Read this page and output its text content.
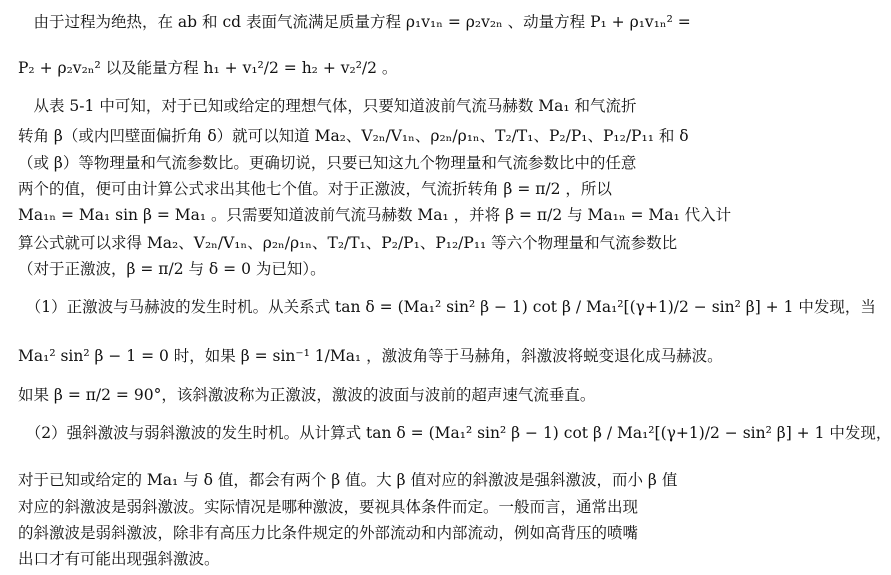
　由于过程为绝热，在 ab 和 cd 表面气流满足质量方程 ρ₁v₁ₙ = ρ₂v₂ₙ 、动量方程 P₁ + ρ₁v₁ₙ² =
P₂ + ρ₂v₂ₙ² 以及能量方程 h₁ + v₁²/2 = h₂ + v₂²/2 。
　从表 5-1 中可知，对于已知或给定的理想气体，只要知道波前气流马赫数 Ma₁ 和气流折
转角 β（或内凹壁面偏折角 δ）就可以知道 Ma₂、V₂ₙ/V₁ₙ、ρ₂ₙ/ρ₁ₙ、T₂/T₁、P₂/P₁、P₁₂/P₁₁ 和 δ
（或 β）等物理量和气流参数比。更确切说，只要已知这九个物理量和气流参数比中的任意
两个的值，便可由计算公式求出其他七个值。对于正激波，气流折转角 β = π/2 ，所以
Ma₁ₙ = Ma₁ sin β = Ma₁ 。只需要知道波前气流马赫数 Ma₁ ，并将 β = π/2 与 Ma₁ₙ = Ma₁ 代入计
算公式就可以求得 Ma₂、V₂ₙ/V₁ₙ、ρ₂ₙ/ρ₁ₙ、T₂/T₁、P₂/P₁、P₁₂/P₁₁ 等六个物理量和气流参数比
（对于正激波，β = π/2 与 δ = 0 为已知）。
　（1）正激波与马赫波的发生时机。从关系式 tan δ = (Ma₁² sin² β − 1) cot β / Ma₁²[(γ+1)/2 − sin² β] + 1 中发现，当
Ma₁² sin² β − 1 = 0 时，如果 β = sin⁻¹ 1/Ma₁ ，激波角等于马赫角，斜激波将蜕变退化成马赫波。
如果 β = π/2 = 90°，该斜激波称为正激波，激波的波面与波前的超声速气流垂直。
　（2）强斜激波与弱斜激波的发生时机。从计算式 tan δ = (Ma₁² sin² β − 1) cot β / Ma₁²[(γ+1)/2 − sin² β] + 1 中发现，
对于已知或给定的 Ma₁ 与 δ 值，都会有两个 β 值。大 β 值对应的斜激波是强斜激波，而小 β 值
对应的斜激波是弱斜激波。实际情况是哪种激波，要视具体条件而定。一般而言，通常出现
的斜激波是弱斜激波，除非有高压力比条件规定的外部流动和内部流动，例如高背压的喷嘴
出口才有可能出现强斜激波。
